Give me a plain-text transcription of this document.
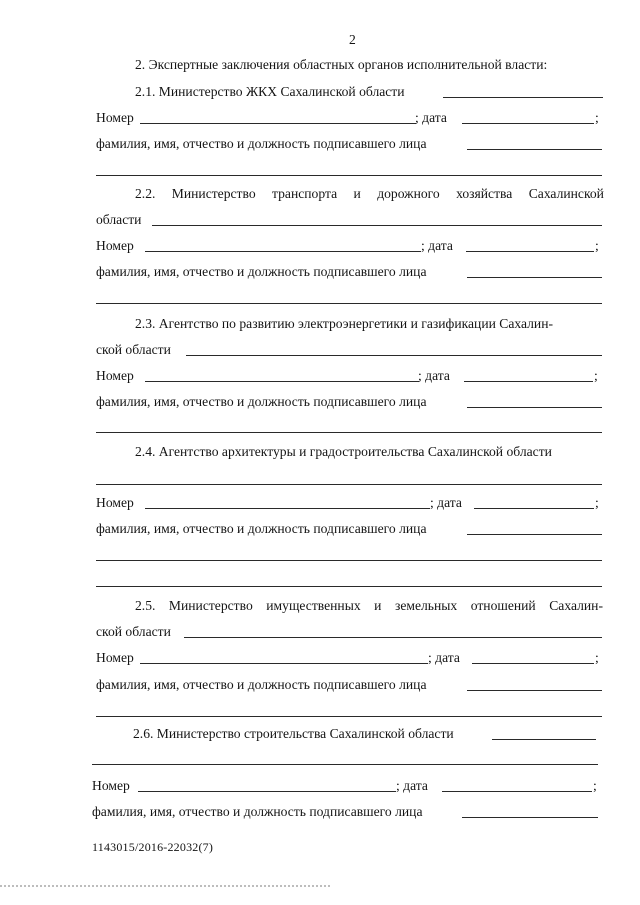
2
2. Экспертные заключения областных органов исполнительной власти:
2.1. Министерство ЖКХ Сахалинской области
Номер	; дата	;
фамилия, имя, отчество и должность подписавшего лица
2.2. Министерство транспорта и дорожного хозяйства Сахалинской
области
Номер	; дата	;
фамилия, имя, отчество и должность подписавшего лица
2.3. Агентство по развитию электроэнергетики и газификации Сахалин-
ской области
Номер	; дата	;
фамилия, имя, отчество и должность подписавшего лица
2.4. Агентство архитектуры и градостроительства Сахалинской области
Номер	; дата	;
фамилия, имя, отчество и должность подписавшего лица
2.5. Министерство имущественных и земельных отношений Сахалин-
ской области
Номер	; дата	;
фамилия, имя, отчество и должность подписавшего лица
2.6. Министерство строительства Сахалинской области
Номер	; дата	;
фамилия, имя, отчество и должность подписавшего лица
1143015/2016-22032(7)
